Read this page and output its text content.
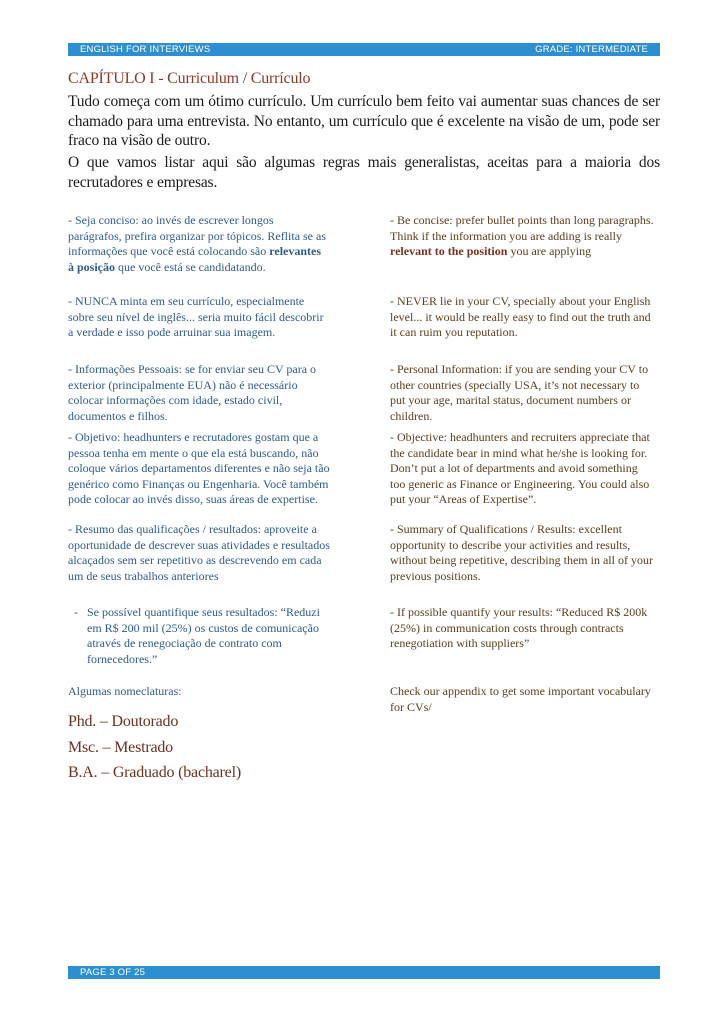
ENGLISH FOR INTERVIEWS	GRADE: INTERMEDIATE
CAPÍTULO I - Curriculum / Currículo
Tudo começa com um ótimo currículo. Um currículo bem feito vai aumentar suas chances de ser chamado para uma entrevista. No entanto, um currículo que é excelente na visão de um, pode ser fraco na visão de outro.
O que vamos listar aqui são algumas regras mais generalistas, aceitas para a maioria dos recrutadores e empresas.
- Seja conciso: ao invés de escrever longos parágrafos, prefira organizar por tópicos. Reflita se as informações que você está colocando são relevantes à posição que você está se candidatando.
- Be concise: prefer bullet points than long paragraphs. Think if the information you are adding is really relevant to the position you are applying
- NUNCA minta em seu currículo, especialmente sobre seu nível de inglês... seria muito fácil descobrir a verdade e isso pode arruinar sua imagem.
- NEVER lie in your CV, specially about your English level... it would be really easy to find out the truth and it can ruim you reputation.
- Informações Pessoais: se for enviar seu CV para o exterior (principalmente EUA) não é necessário colocar informações com idade, estado civil, documentos e filhos.
- Personal Information: if you are sending your CV to other countries (specially USA, it’s not necessary to put your age, marital status, document numbers or children.
- Objetivo: headhunters e recrutadores gostam que a pessoa tenha em mente o que ela está buscando, não coloque vários departamentos diferentes e não seja tão genérico como Finanças ou Engenharia. Você também pode colocar ao invés disso, suas áreas de expertise.
- Objective: headhunters and recruiters appreciate that the candidate bear in mind what he/she is looking for. Don’t put a lot of departments and avoid something too generic as Finance or Engineering. You could also put your “Areas of Expertise”.
- Resumo das qualificações / resultados: aproveite a oportunidade de descrever suas atividades e resultados alcaçados sem ser repetitivo as descrevendo em cada um de seus trabalhos anteriores
- Summary of Qualifications / Results: excellent opportunity to describe your activities and results, without being repetitive, describing them in all of your previous positions.
- Se possível quantifique seus resultados: “Reduzi em R$ 200 mil (25%) os custos de comunicação através de renegociação de contrato com fornecedores.”
- If possible quantify your results: “Reduced R$ 200k (25%) in communication costs through contracts renegotiation with suppliers”
Algumas nomeclaturas:	Check our appendix to get some important vocabulary for CVs/
Phd. – Doutorado
Msc. – Mestrado
B.A. – Graduado (bacharel)
PAGE 3 OF 25
